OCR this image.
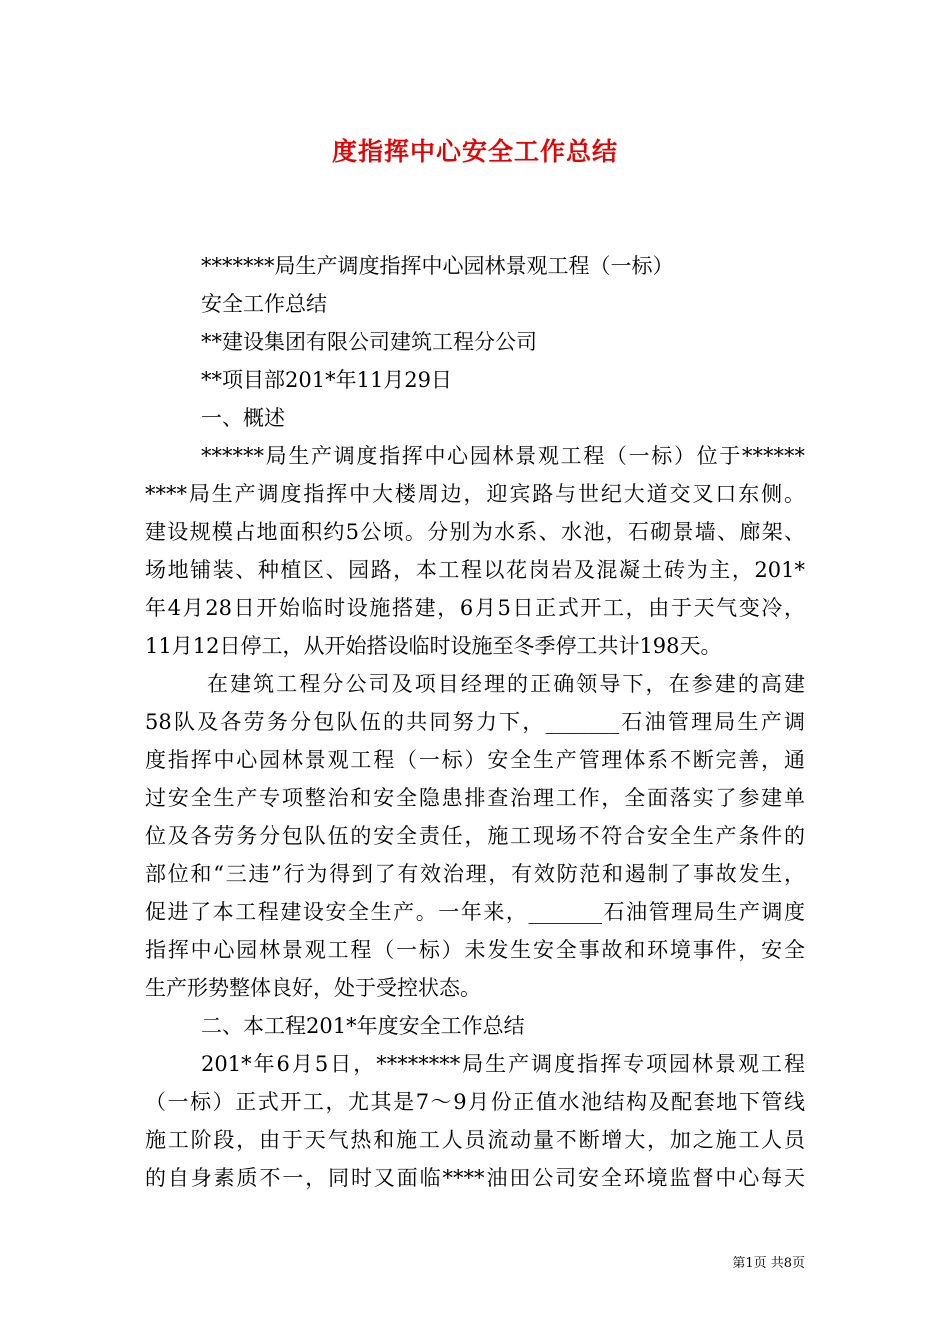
度指挥中心安全工作总结
*******局生产调度指挥中心园林景观工程（一标）
安全工作总结
**建设集团有限公司建筑工程分公司
**项目部201*年11月29日
一、概述
******局生产调度指挥中心园林景观工程（一标）位于******
****局生产调度指挥中大楼周边，迎宾路与世纪大道交叉口东侧。
建设规模占地面积约5公顷。分别为水系、水池，石砌景墙、廊架、
场地铺装、种植区、园路，本工程以花岗岩及混凝土砖为主，201*
年4月28日开始临时设施搭建，6月5日正式开工，由于天气变冷，
11月12日停工，从开始搭设临时设施至冬季停工共计198天。
在建筑工程分公司及项目经理的正确领导下，在参建的高建
58队及各劳务分包队伍的共同努力下，_______石油管理局生产调
度指挥中心园林景观工程（一标）安全生产管理体系不断完善，通
过安全生产专项整治和安全隐患排查治理工作，全面落实了参建单
位及各劳务分包队伍的安全责任，施工现场不符合安全生产条件的
部位和“三违”行为得到了有效治理，有效防范和遏制了事故发生，
促进了本工程建设安全生产。一年来，_______石油管理局生产调度
指挥中心园林景观工程（一标）未发生安全事故和环境事件，安全
生产形势整体良好，处于受控状态。
二、本工程201*年度安全工作总结
201*年6月5日，********局生产调度指挥专项园林景观工程
（一标）正式开工，尤其是7～9月份正值水池结构及配套地下管线
施工阶段，由于天气热和施工人员流动量不断增大，加之施工人员
的自身素质不一，同时又面临****油田公司安全环境监督中心每天
第1页 共8页
